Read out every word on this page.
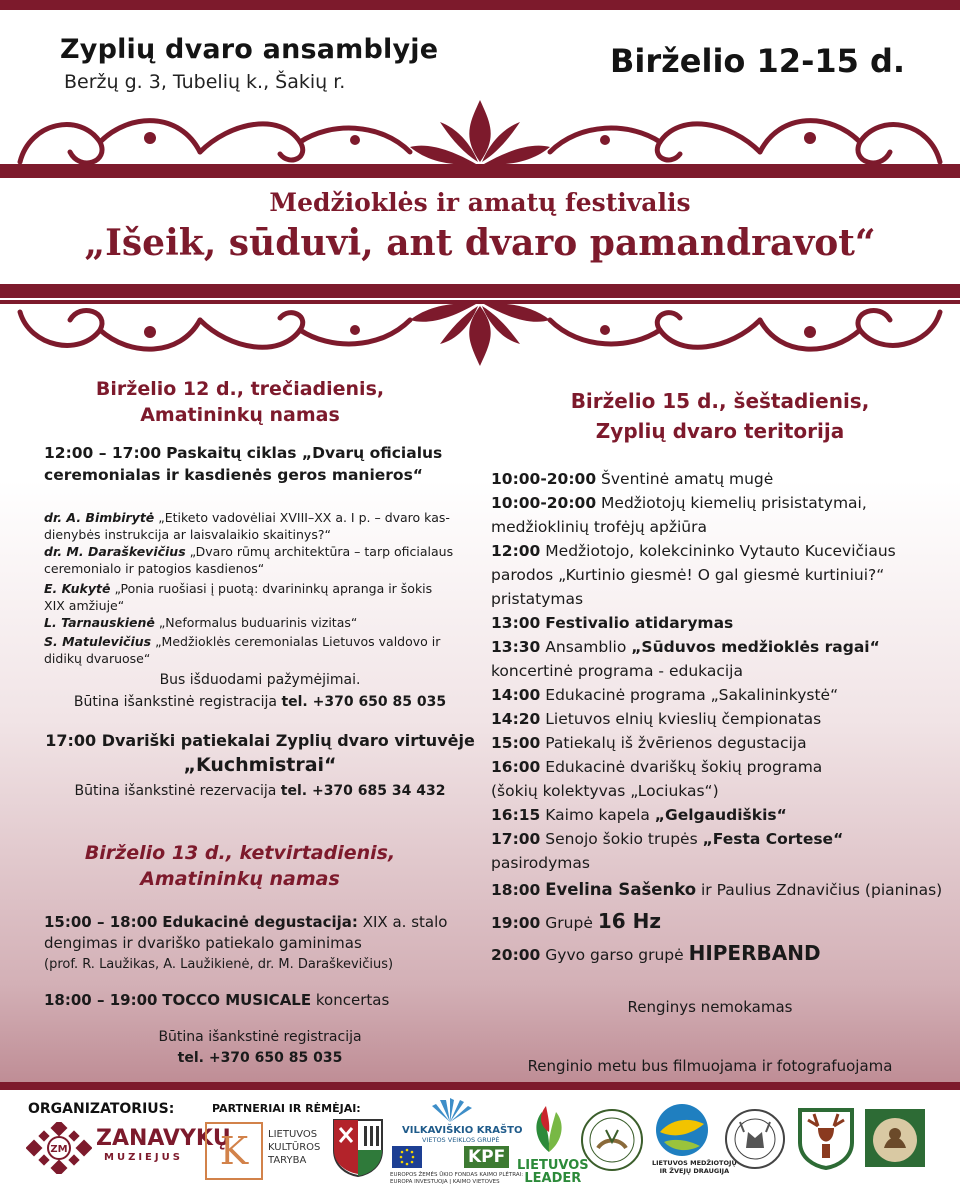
Zyplių dvaro ansamblyje
Beržų g. 3, Tubelių k., Šakių r.
Birželio 12-15 d.
Medžioklės ir amatų festivalis
„Išeik, sūduvi, ant dvaro pamandravot“
Birželio 12 d., trečiadienis,
Amatininkų namas
12:00 – 17:00 Paskaitų ciklas „Dvarų oficialus
ceremonialas ir kasdienės geros manieros“
dr. A. Bimbirytė „Etiketo vadovėliai XVIII–XX a. I p. – dvaro kas-
dienybės instrukcija ar laisvalaikio skaitinys?“
dr. M. Daraškevičius „Dvaro rūmų architektūra – tarp oficialaus
ceremonialo ir patogios kasdienos“
E. Kukytė „Ponia ruošiasi į puotą: dvarininkų apranga ir šokis
XIX amžiuje“
L. Tarnauskienė „Neformalus buduarinis vizitas“
S. Matulevičius „Medžioklės ceremonialas Lietuvos valdovo ir
didikų dvaruose“
Bus išduodami pažymėjimai.
Būtina išankstinė registracija tel. +370 650 85 035
17:00 Dvariški patiekalai Zyplių dvaro virtuvėje
„Kuchmistrai“
Būtina išankstinė rezervacija tel. +370 685 34 432
Birželio 13 d., ketvirtadienis,
Amatininkų namas
15:00 – 18:00 Edukacinė degustacija: XIX a. stalo
dengimas ir dvariško patiekalo gaminimas
(prof. R. Laužikas, A. Laužikienė, dr. M. Daraškevičius)
18:00 – 19:00 TOCCO MUSICALE koncertas
Būtina išankstinė registracija
tel. +370 650 85 035
Birželio 15 d., šeštadienis,
Zyplių dvaro teritorija
10:00-20:00 Šventinė amatų mugė
10:00-20:00 Medžiotojų kiemelių prisistatymai,
medžioklinių trofėjų apžiūra
12:00 Medžiotojo, kolekcininko Vytauto Kucevičiaus
parodos „Kurtinio giesmė! O gal giesmė kurtiniui?“
pristatymas
13:00 Festivalio atidarymas
13:30 Ansamblio „Sūduvos medžioklės ragai“
koncertinė programa - edukacija
14:00 Edukacinė programa „Sakalininkystė“
14:20 Lietuvos elnių kvieslių čempionatas
15:00 Patiekalų iš žvērienos degustacija
16:00 Edukacinė dvariškų šokių programa
(šokių kolektyvas „Lociukas“)
16:15 Kaimo kapela „Gelgaudiškis“
17:00 Senojo šokio trupės „Festa Cortese“
pasirodymas
18:00 Evelina Sašenko ir Paulius Zdnavičius (pianinas)
19:00 Grupė 16 Hz
20:00 Gyvo garso grupė HIPERBAND
Renginys nemokamas
Renginio metu bus filmuojama ir fotografuojama
ORGANIZATORIUS:	PARTNERIAI IR RĖMĖJAI:
ZM ZANAVYKŲ
MUZIEJUS K	LIETUVOS
KULTŪROS
TARYBA
VILKAVIŠKIO KRAŠTO
VIETOS VEIKLOS GRUPĖ
KPF
EUROPOS ŽEMĖS ŪKIO FONDAS KAIMO PLĖTRAI:
EUROPA INVESTUOJA Į KAIMO VIETOVES
LIETUVOS
LEADER
LIETUVOS MEDŽIOTOJŲ
IR ŽVEJŲ DRAUGIJA
